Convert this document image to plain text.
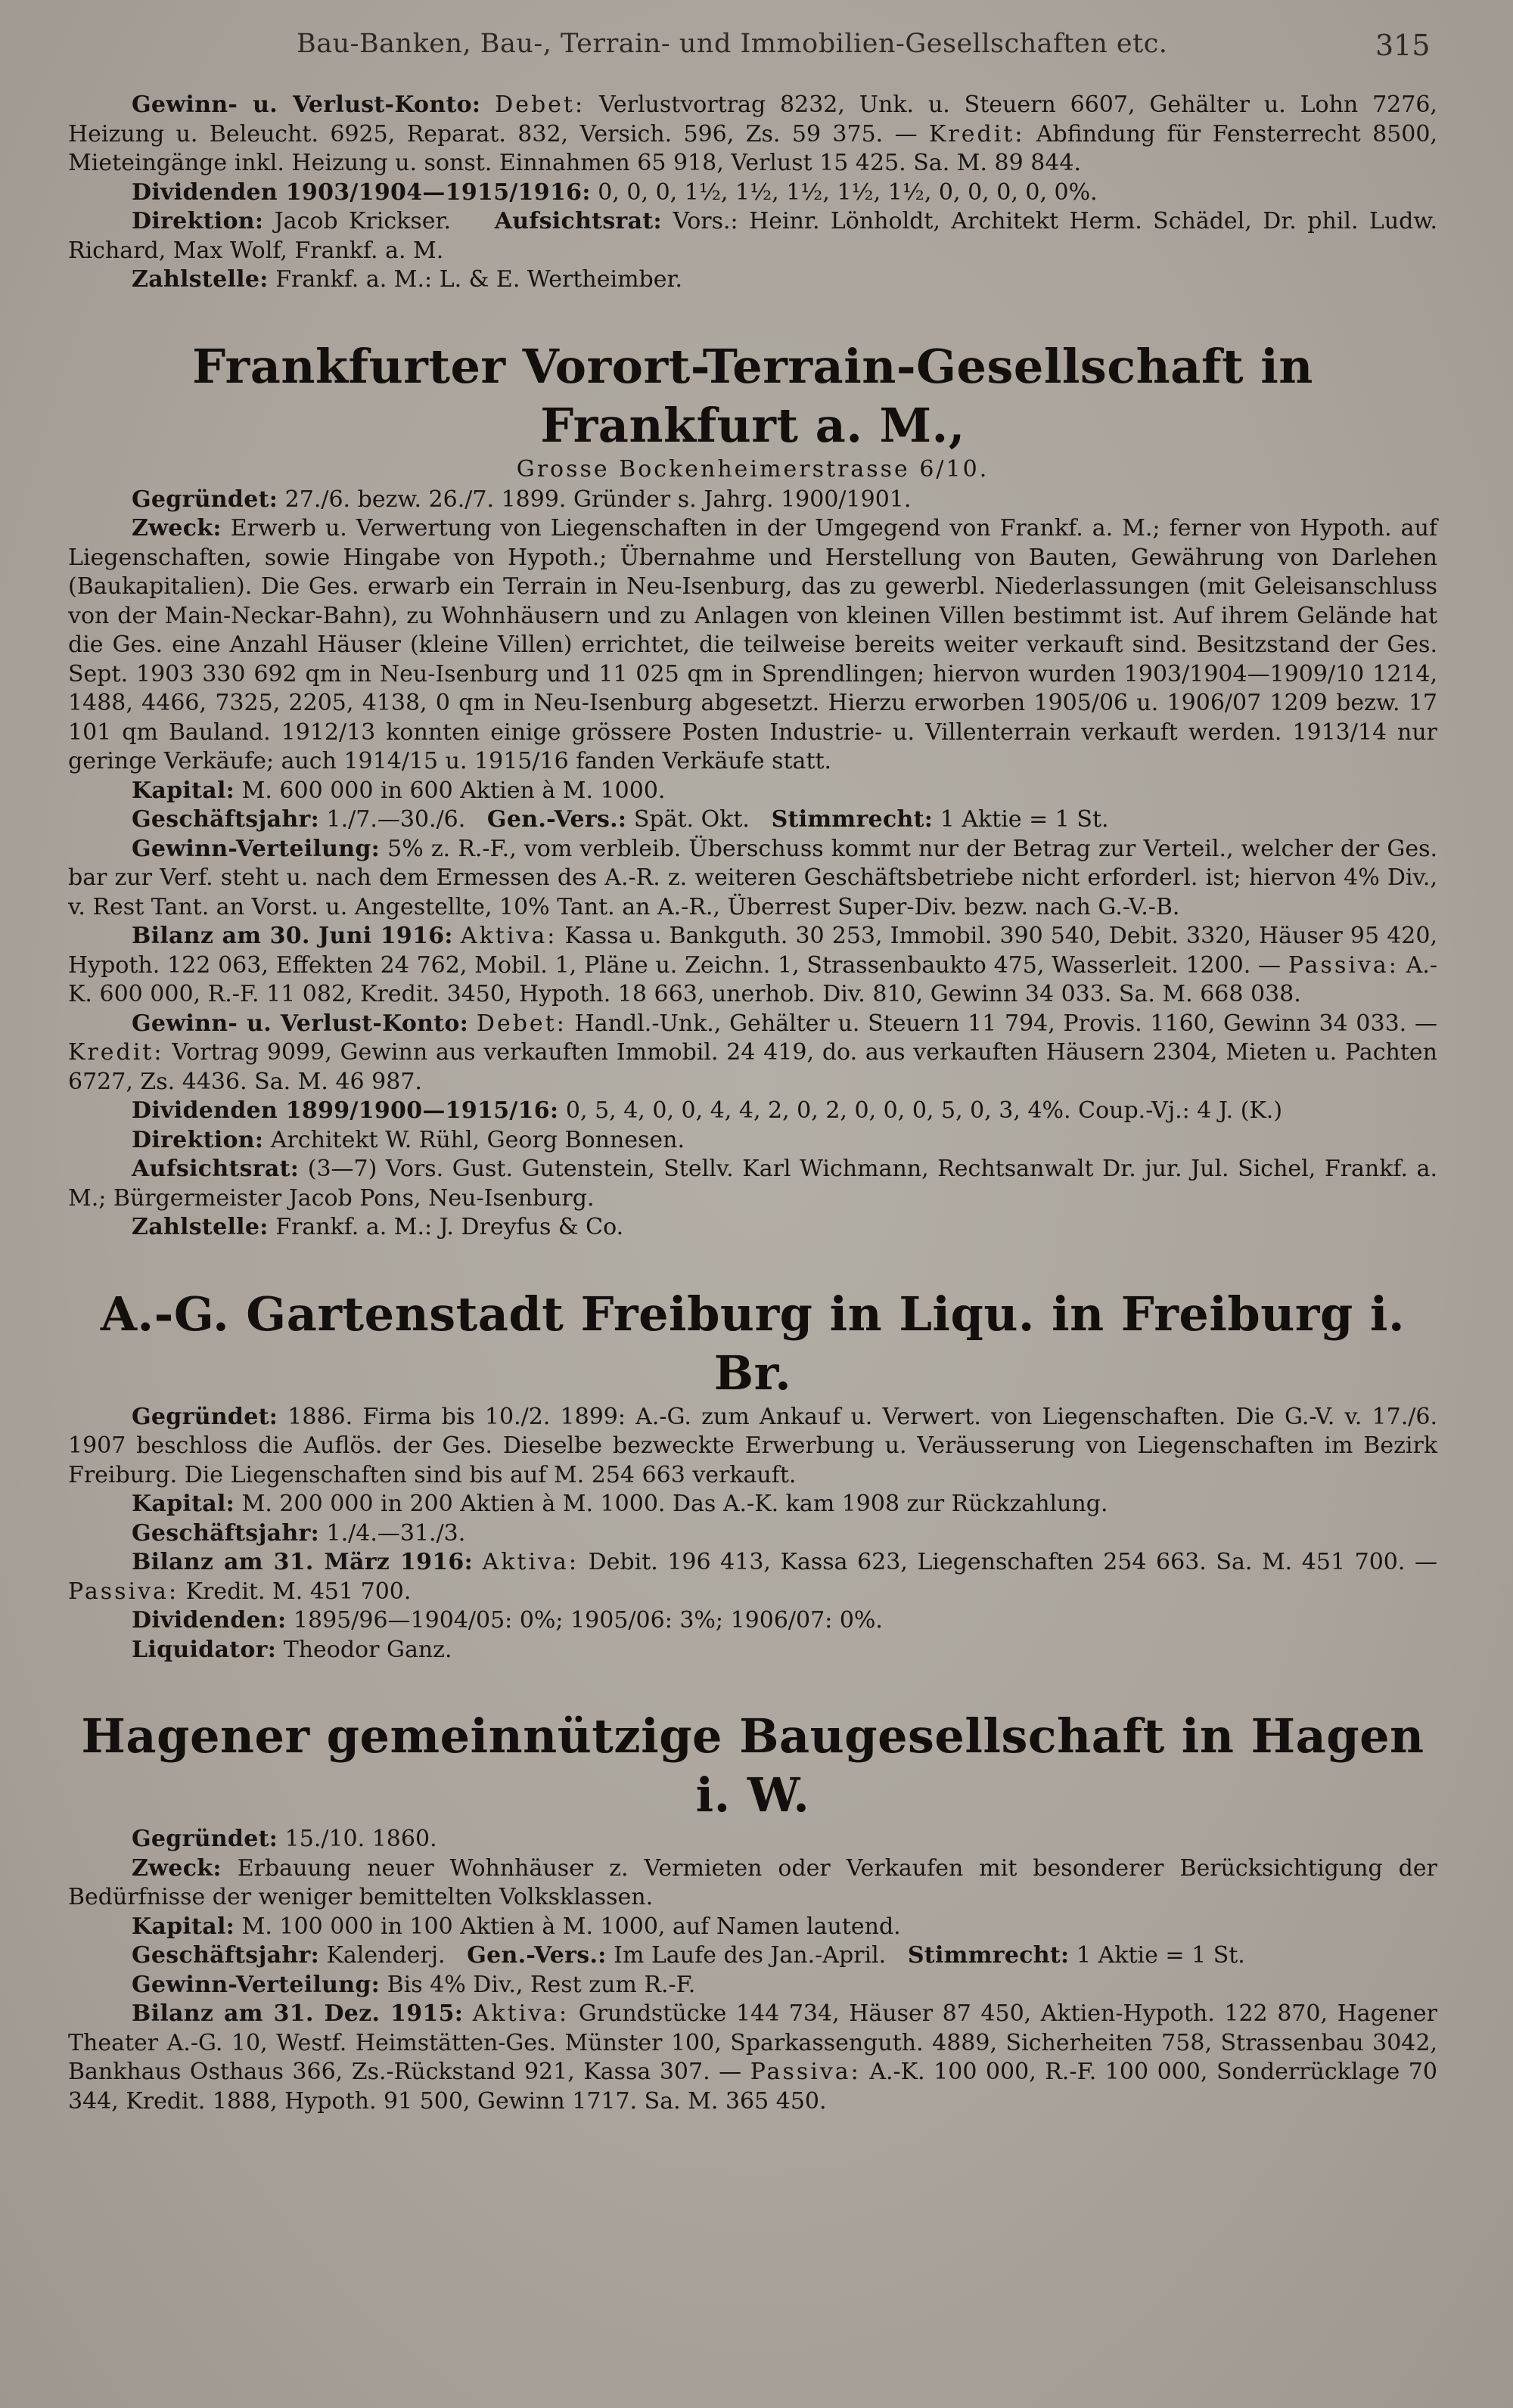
Bau-Banken, Bau-, Terrain- und Immobilien-Gesellschaften etc.	315

Gewinn- u. Verlust-Konto: Debet: Verlustvortrag 8232, Unk. u. Steuern 6607, Gehälter u. Lohn 7276, Heizung u. Beleucht. 6925, Reparat. 832, Versich. 596, Zs. 59 375. — Kredit: Abfindung für Fensterrecht 8500, Mieteingänge inkl. Heizung u. sonst. Einnahmen 65 918, Verlust 15 425. Sa. M. 89 844.

Dividenden 1903/1904—1915/1916: 0, 0, 0, 1½, 1½, 1½, 1½, 1½, 0, 0, 0, 0, 0%.

Direktion: Jacob Krickser. Aufsichtsrat: Vors.: Heinr. Lönholdt, Architekt Herm. Schädel, Dr. phil. Ludw. Richard, Max Wolf, Frankf. a. M.

Zahlstelle: Frankf. a. M.: L. & E. Wertheimber.

Frankfurter Vorort-Terrain-Gesellschaft in Frankfurt a. M.,
Grosse Bockenheimerstrasse 6/10.

Gegründet: 27./6. bezw. 26./7. 1899. Gründer s. Jahrg. 1900/1901.

Zweck: Erwerb u. Verwertung von Liegenschaften in der Umgegend von Frankf. a. M.; ferner von Hypoth. auf Liegenschaften, sowie Hingabe von Hypoth.; Übernahme und Herstellung von Bauten, Gewährung von Darlehen (Baukapitalien). Die Ges. erwarb ein Terrain in Neu-Isenburg, das zu gewerbl. Niederlassungen (mit Geleisanschluss von der Main-Neckar-Bahn), zu Wohnhäusern und zu Anlagen von kleinen Villen bestimmt ist. Auf ihrem Gelände hat die Ges. eine Anzahl Häuser (kleine Villen) errichtet, die teilweise bereits weiter verkauft sind. Besitzstand der Ges. Sept. 1903 330 692 qm in Neu-Isenburg und 11 025 qm in Sprendlingen; hiervon wurden 1903/1904—1909/10 1214, 1488, 4466, 7325, 2205, 4138, 0 qm in Neu-Isenburg abgesetzt. Hierzu erworben 1905/06 u. 1906/07 1209 bezw. 17 101 qm Bauland. 1912/13 konnten einige grössere Posten Industrie- u. Villenterrain verkauft werden. 1913/14 nur geringe Verkäufe; auch 1914/15 u. 1915/16 fanden Verkäufe statt.

Kapital: M. 600 000 in 600 Aktien à M. 1000.

Geschäftsjahr: 1./7.—30./6. Gen.-Vers.: Spät. Okt. Stimmrecht: 1 Aktie = 1 St.

Gewinn-Verteilung: 5% z. R.-F., vom verbleib. Überschuss kommt nur der Betrag zur Verteil., welcher der Ges. bar zur Verf. steht u. nach dem Ermessen des A.-R. z. weiteren Geschäftsbetriebe nicht erforderl. ist; hiervon 4% Div., v. Rest Tant. an Vorst. u. Angestellte, 10% Tant. an A.-R., Überrest Super-Div. bezw. nach G.-V.-B.

Bilanz am 30. Juni 1916: Aktiva: Kassa u. Bankguth. 30 253, Immobil. 390 540, Debit. 3320, Häuser 95 420, Hypoth. 122 063, Effekten 24 762, Mobil. 1, Pläne u. Zeichn. 1, Strassenbaukto 475, Wasserleit. 1200. — Passiva: A.-K. 600 000, R.-F. 11 082, Kredit. 3450, Hypoth. 18 663, unerhob. Div. 810, Gewinn 34 033. Sa. M. 668 038.

Gewinn- u. Verlust-Konto: Debet: Handl.-Unk., Gehälter u. Steuern 11 794, Provis. 1160, Gewinn 34 033. — Kredit: Vortrag 9099, Gewinn aus verkauften Immobil. 24 419, do. aus verkauften Häusern 2304, Mieten u. Pachten 6727, Zs. 4436. Sa. M. 46 987.

Dividenden 1899/1900—1915/16: 0, 5, 4, 0, 0, 4, 4, 2, 0, 2, 0, 0, 0, 5, 0, 3, 4%. Coup.-Vj.: 4 J. (K.)

Direktion: Architekt W. Rühl, Georg Bonnesen.

Aufsichtsrat: (3—7) Vors. Gust. Gutenstein, Stellv. Karl Wichmann, Rechtsanwalt Dr. jur. Jul. Sichel, Frankf. a. M.; Bürgermeister Jacob Pons, Neu-Isenburg.

Zahlstelle: Frankf. a. M.: J. Dreyfus & Co.

A.-G. Gartenstadt Freiburg in Liqu. in Freiburg i. Br.

Gegründet: 1886. Firma bis 10./2. 1899: A.-G. zum Ankauf u. Verwert. von Liegenschaften. Die G.-V. v. 17./6. 1907 beschloss die Auflös. der Ges. Dieselbe bezweckte Erwerbung u. Veräusserung von Liegenschaften im Bezirk Freiburg. Die Liegenschaften sind bis auf M. 254 663 verkauft.

Kapital: M. 200 000 in 200 Aktien à M. 1000. Das A.-K. kam 1908 zur Rückzahlung.

Geschäftsjahr: 1./4.—31./3.

Bilanz am 31. März 1916: Aktiva: Debit. 196 413, Kassa 623, Liegenschaften 254 663. Sa. M. 451 700. — Passiva: Kredit. M. 451 700.

Dividenden: 1895/96—1904/05: 0%; 1905/06: 3%; 1906/07: 0%.

Liquidator: Theodor Ganz.

Hagener gemeinnützige Baugesellschaft in Hagen i. W.

Gegründet: 15./10. 1860.

Zweck: Erbauung neuer Wohnhäuser z. Vermieten oder Verkaufen mit besonderer Berücksichtigung der Bedürfnisse der weniger bemittelten Volksklassen.

Kapital: M. 100 000 in 100 Aktien à M. 1000, auf Namen lautend.

Geschäftsjahr: Kalenderj. Gen.-Vers.: Im Laufe des Jan.-April. Stimmrecht: 1 Aktie = 1 St.

Gewinn-Verteilung: Bis 4% Div., Rest zum R.-F.

Bilanz am 31. Dez. 1915: Aktiva: Grundstücke 144 734, Häuser 87 450, Aktien-Hypoth. 122 870, Hagener Theater A.-G. 10, Westf. Heimstätten-Ges. Münster 100, Sparkassenguth. 4889, Sicherheiten 758, Strassenbau 3042, Bankhaus Osthaus 366, Zs.-Rückstand 921, Kassa 307. — Passiva: A.-K. 100 000, R.-F. 100 000, Sonderrücklage 70 344, Kredit. 1888, Hypoth. 91 500, Gewinn 1717. Sa. M. 365 450.
